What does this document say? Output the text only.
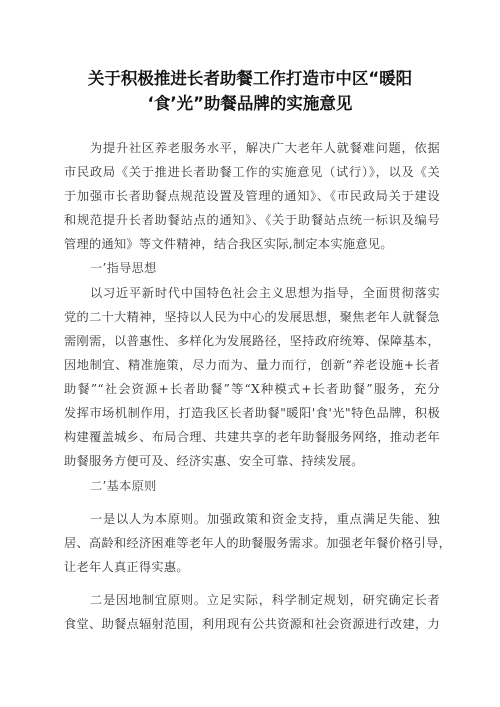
关于积极推进长者助餐工作打造市中区“暖阳
‘食’光”助餐品牌的实施意见
为提升社区养老服务水平，解决广大老年人就餐难问题，依据
市民政局《关于推进长者助餐工作的实施意见（试行）》，以及《关
于加强市长者助餐点规范设置及管理的通知》、《市民政局关于建设
和规范提升长者助餐站点的通知》、《关于助餐站点统一标识及编号
管理的通知》等文件精神，结合我区实际,制定本实施意见。
一’指导思想
以习近平新时代中国特色社会主义思想为指导，全面贯彻落实
党的二十大精神，坚持以人民为中心的发展思想，聚焦老年人就餐急
需刚需，以普惠性、多样化为发展路径，坚持政府统筹、保障基本，
因地制宜、精准施策，尽力而为、量力而行，创新“养老设施+长者
助餐”“社会资源+长者助餐”等“X种模式+长者助餐”服务，充分
发挥市场机制作用，打造我区长者助餐"暖阳'食'光"特色品牌，积极
构建覆盖城乡、布局合理、共建共享的老年助餐服务网络，推动老年
助餐服务方便可及、经济实惠、安全可靠、持续发展。
二’基本原则
一是以人为本原则。加强政策和资金支持，重点满足失能、独
居、高龄和经济困难等老年人的助餐服务需求。加强老年餐价格引导，
让老年人真正得实惠。
二是因地制宜原则。立足实际，科学制定规划，研究确定长者
食堂、助餐点辐射范围，利用现有公共资源和社会资源进行改建，力
